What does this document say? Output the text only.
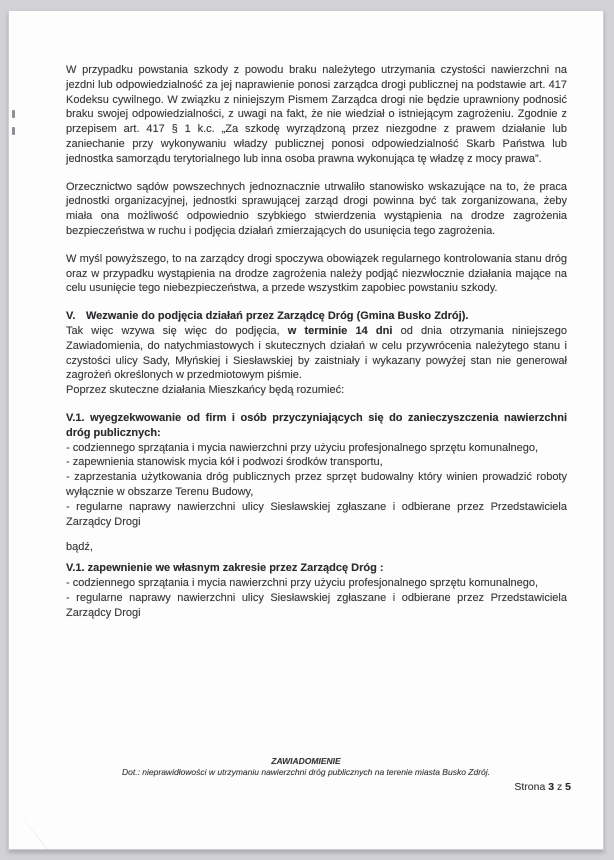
W przypadku powstania szkody z powodu braku należytego utrzymania czystości nawierzchni na jezdni lub odpowiedzialność za jej naprawienie ponosi zarządca drogi publicznej na podstawie art. 417 Kodeksu cywilnego. W związku z niniejszym Pismem Zarządca drogi nie będzie uprawniony podnosić braku swojej odpowiedzialności, z uwagi na fakt, że nie wiedział o istniejącym zagrożeniu. Zgodnie z przepisem art. 417 § 1 k.c. „Za szkodę wyrządzoną przez niezgodne z prawem działanie lub zaniechanie przy wykonywaniu władzy publicznej ponosi odpowiedzialność Skarb Państwa lub jednostka samorządu terytorialnego lub inna osoba prawna wykonująca tę władzę z mocy prawa”.

Orzecznictwo sądów powszechnych jednoznacznie utrwaliło stanowisko wskazujące na to, że praca jednostki organizacyjnej, jednostki sprawującej zarząd drogi powinna być tak zorganizowana, żeby miała ona możliwość odpowiednio szybkiego stwierdzenia wystąpienia na drodze zagrożenia bezpieczeństwa w ruchu i podjęcia działań zmierzających do usunięcia tego zagrożenia.

W myśl powyższego, to na zarządcy drogi spoczywa obowiązek regularnego kontrolowania stanu dróg oraz w przypadku wystąpienia na drodze zagrożenia należy podjąć niezwłocznie działania mające na celu usunięcie tego niebezpieczeństwa, a przede wszystkim zapobiec powstaniu szkody.

V. Wezwanie do podjęcia działań przez Zarządcę Dróg (Gmina Busko Zdrój).

Tak więc wzywa się więc do podjęcia, w terminie 14 dni od dnia otrzymania niniejszego Zawiadomienia, do natychmiastowych i skutecznych działań w celu przywrócenia należytego stanu i czystości ulicy Sady, Młyńskiej i Siesławskiej by zaistniały i wykazany powyżej stan nie generował zagrożeń określonych w przedmiotowym piśmie.

Poprzez skuteczne działania Mieszkańcy będą rozumieć:
V.1. wyegzekwowanie od firm i osób przyczyniających się do zanieczyszczenia nawierzchni dróg publicznych:
- codziennego sprzątania i mycia nawierzchni przy użyciu profesjonalnego sprzętu komunalnego,
- zapewnienia stanowisk mycia kół i podwozi środków transportu,
- zaprzestania użytkowania dróg publicznych przez sprzęt budowalny który winien prowadzić roboty wyłącznie w obszarze Terenu Budowy,
- regularne naprawy nawierzchni ulicy Siesławskiej zgłaszane i odbierane przez Przedstawiciela Zarządcy Drogi
bądź,
V.1. zapewnienie we własnym zakresie przez Zarządcę Dróg :
- codziennego sprzątania i mycia nawierzchni przy użyciu profesjonalnego sprzętu komunalnego,
- regularne naprawy nawierzchni ulicy Siesławskiej zgłaszane i odbierane przez Przedstawiciela Zarządcy Drogi
ZAWIADOMIENIE
Dot.: nieprawidłowości w utrzymaniu nawierzchni dróg publicznych na terenie miasta Busko Zdrój.
Strona 3 z 5
